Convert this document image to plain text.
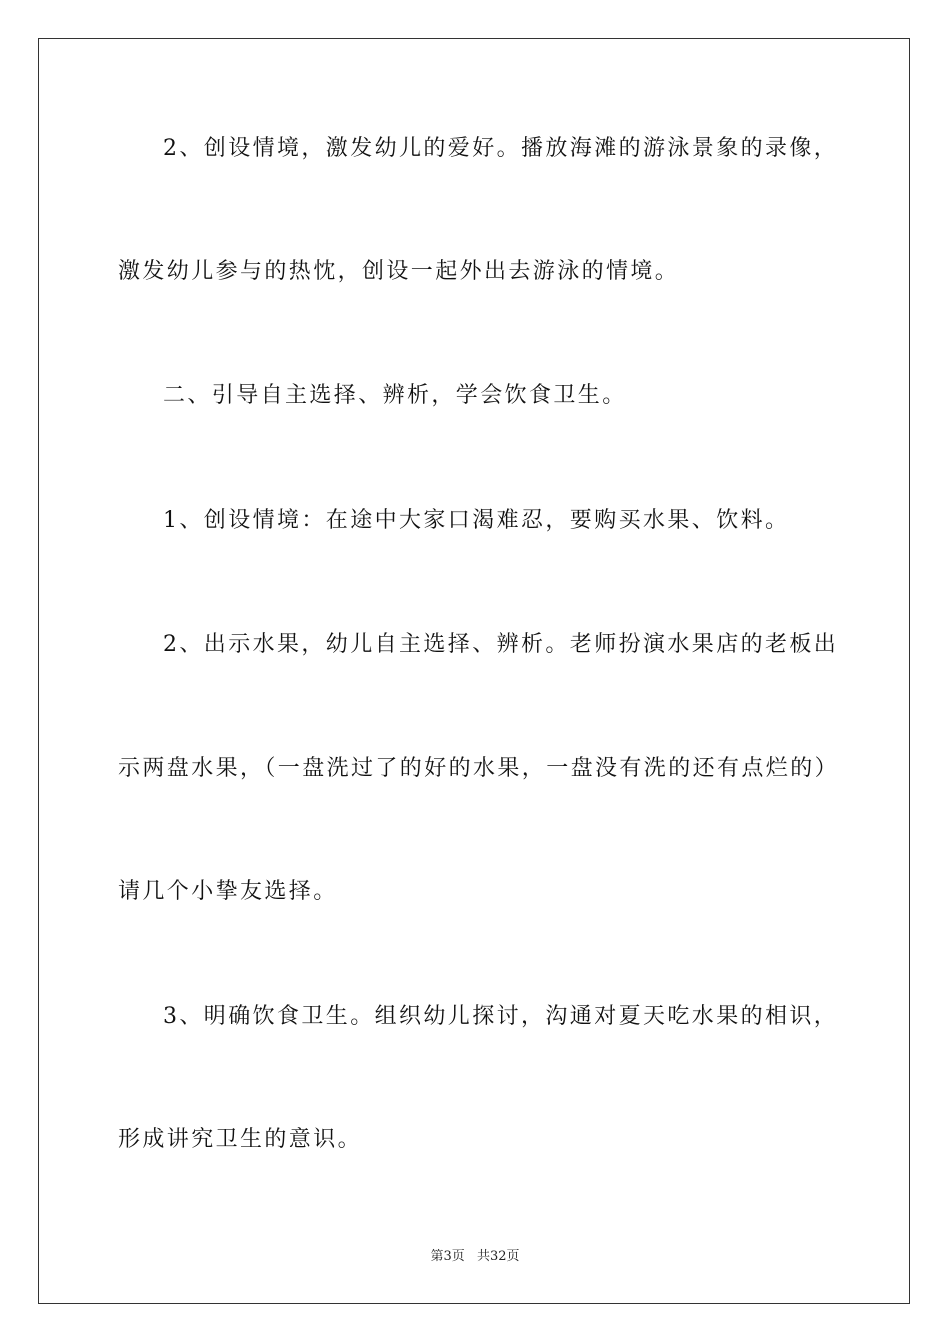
2、创设情境，激发幼儿的爱好。播放海滩的游泳景象的录像，
激发幼儿参与的热忱，创设一起外出去游泳的情境。
二、引导自主选择、辨析，学会饮食卫生。
1、创设情境：在途中大家口渴难忍，要购买水果、饮料。
2、出示水果，幼儿自主选择、辨析。老师扮演水果店的老板出
示两盘水果，（一盘洗过了的好的水果，一盘没有洗的还有点烂的）
请几个小挚友选择。
3、明确饮食卫生。组织幼儿探讨，沟通对夏天吃水果的相识，
形成讲究卫生的意识。
第3页 共32页
